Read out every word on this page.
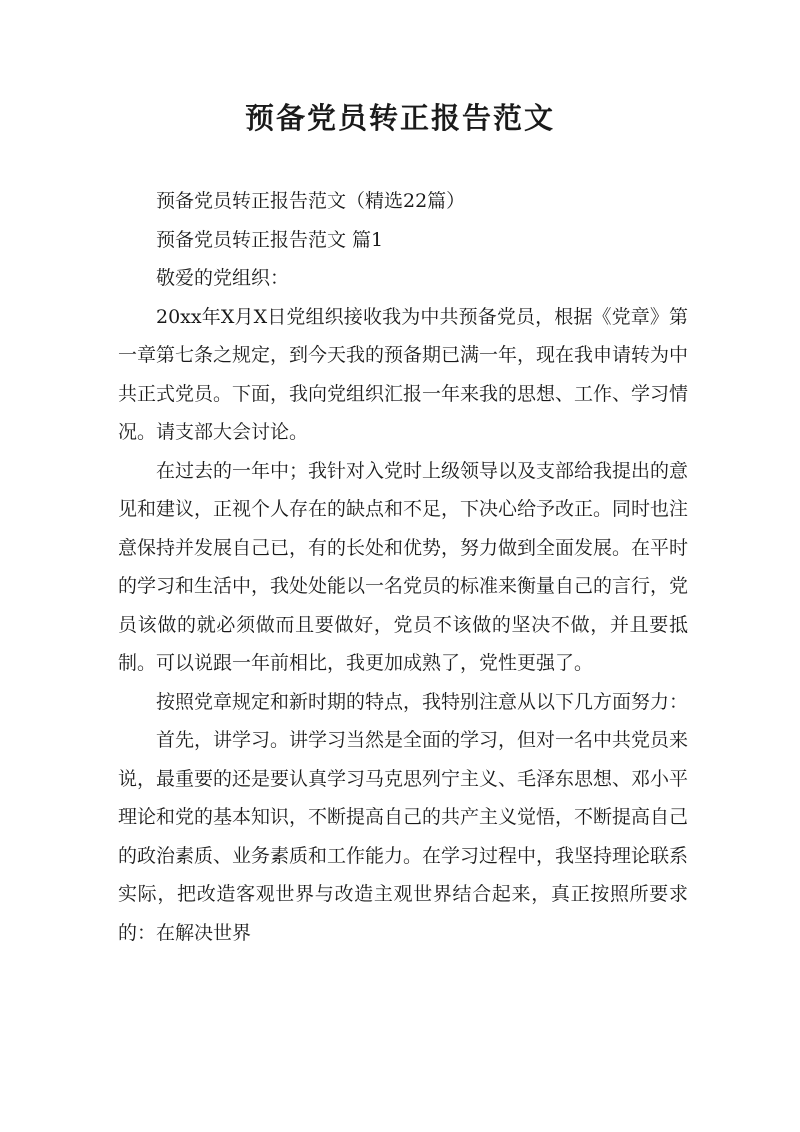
预备党员转正报告范文

预备党员转正报告范文（精选22篇）

预备党员转正报告范文 篇1

敬爱的党组织：

20xx年X月X日党组织接收我为中共预备党员，根据《党章》第一章第七条之规定，到今天我的预备期已满一年，现在我申请转为中共正式党员。下面，我向党组织汇报一年来我的思想、工作、学习情况。请支部大会讨论。

在过去的一年中；我针对入党时上级领导以及支部给我提出的意见和建议，正视个人存在的缺点和不足，下决心给予改正。同时也注意保持并发展自己已，有的长处和优势，努力做到全面发展。在平时的学习和生活中，我处处能以一名党员的标准来衡量自己的言行，党员该做的就必须做而且要做好，党员不该做的坚决不做，并且要抵制。可以说跟一年前相比，我更加成熟了，党性更强了。

按照党章规定和新时期的特点，我特别注意从以下几方面努力：

首先，讲学习。讲学习当然是全面的学习，但对一名中共党员来说，最重要的还是要认真学习马克思列宁主义、毛泽东思想、邓小平理论和党的基本知识，不断提高自己的共产主义觉悟，不断提高自己的政治素质、业务素质和工作能力。在学习过程中，我坚持理论联系实际，把改造客观世界与改造主观世界结合起来，真正按照所要求的：在解决世界
